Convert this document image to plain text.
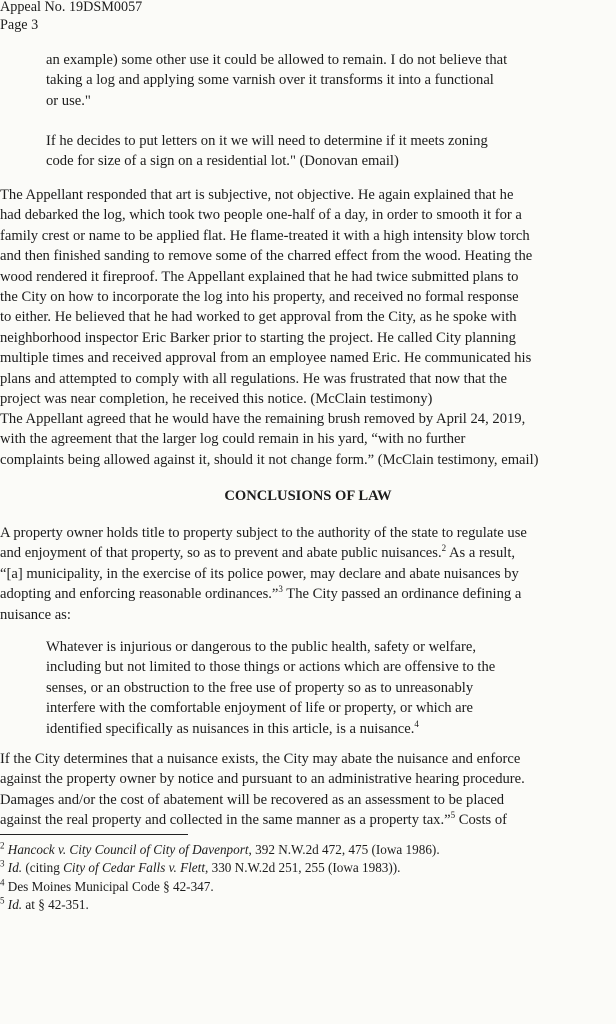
Appeal No. 19DSM0057
Page 3

an example) some other use it could be allowed to remain. I do not believe that
taking a log and applying some varnish over it transforms it into a functional
or use."

If he decides to put letters on it we will need to determine if it meets zoning
code for size of a sign on a residential lot." (Donovan email)

The Appellant responded that art is subjective, not objective. He again explained that he
had debarked the log, which took two people one-half of a day, in order to smooth it for a
family crest or name to be applied flat. He flame-treated it with a high intensity blow torch
and then finished sanding to remove some of the charred effect from the wood. Heating the
wood rendered it fireproof. The Appellant explained that he had twice submitted plans to
the City on how to incorporate the log into his property, and received no formal response
to either. He believed that he had worked to get approval from the City, as he spoke with
neighborhood inspector Eric Barker prior to starting the project. He called City planning
multiple times and received approval from an employee named Eric. He communicated his
plans and attempted to comply with all regulations. He was frustrated that now that the
project was near completion, he received this notice. (McClain testimony)

The Appellant agreed that he would have the remaining brush removed by April 24, 2019,
with the agreement that the larger log could remain in his yard, “with no further
complaints being allowed against it, should it not change form.” (McClain testimony, email)

CONCLUSIONS OF LAW

A property owner holds title to property subject to the authority of the state to regulate use
and enjoyment of that property, so as to prevent and abate public nuisances.$^2$ As a result,
“[a] municipality, in the exercise of its police power, may declare and abate nuisances by
adopting and enforcing reasonable ordinances.”$^3$ The City passed an ordinance defining a
nuisance as:

Whatever is injurious or dangerous to the public health, safety or welfare,
including but not limited to those things or actions which are offensive to the
senses, or an obstruction to the free use of property so as to unreasonably
interfere with the comfortable enjoyment of life or property, or which are
identified specifically as nuisances in this article, is a nuisance.$^4$

If the City determines that a nuisance exists, the City may abate the nuisance and enforce
against the property owner by notice and pursuant to an administrative hearing procedure.
Damages and/or the cost of abatement will be recovered as an assessment to be placed
against the real property and collected in the same manner as a property tax.”$^5$ Costs of

$^2$ Hancock v. City Council of City of Davenport, 392 N.W.2d 472, 475 (Iowa 1986).
$^3$ Id. (citing City of Cedar Falls v. Flett, 330 N.W.2d 251, 255 (Iowa 1983)).
$^4$ Des Moines Municipal Code § 42-347.
$^5$ Id. at § 42-351.
